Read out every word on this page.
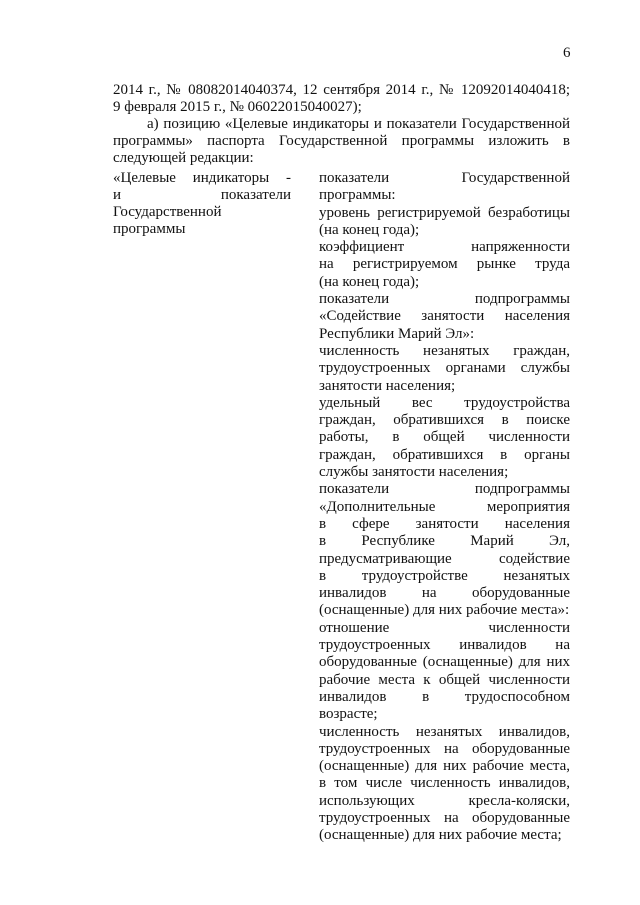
6
2014 г., № 08082014040374, 12 сентября 2014 г., № 12092014040418;
9 февраля 2015 г., № 06022015040027);
а) позицию «Целевые индикаторы и показатели Государственной
программы» паспорта Государственной программы изложить в
следующей редакции:
«Целевые индикаторы -
и показатели
Государственной
программы
показатели Государственной
программы:
уровень регистрируемой безработицы
(на конец года);
коэффициент напряженности
на регистрируемом рынке труда
(на конец года);
показатели подпрограммы
«Содействие занятости населения
Республики Марий Эл»:
численность незанятых граждан,
трудоустроенных органами службы
занятости населения;
удельный вес трудоустройства
граждан, обратившихся в поиске
работы, в общей численности
граждан, обратившихся в органы
службы занятости населения;
показатели подпрограммы
«Дополнительные мероприятия
в сфере занятости населения
в Республике Марий Эл,
предусматривающие содействие
в трудоустройстве незанятых
инвалидов на оборудованные
(оснащенные) для них рабочие места»:
отношение численности
трудоустроенных инвалидов на
оборудованные (оснащенные) для них
рабочие места к общей численности
инвалидов в трудоспособном
возрасте;
численность незанятых инвалидов,
трудоустроенных на оборудованные
(оснащенные) для них рабочие места,
в том числе численность инвалидов,
использующих кресла-коляски,
трудоустроенных на оборудованные
(оснащенные) для них рабочие места;
